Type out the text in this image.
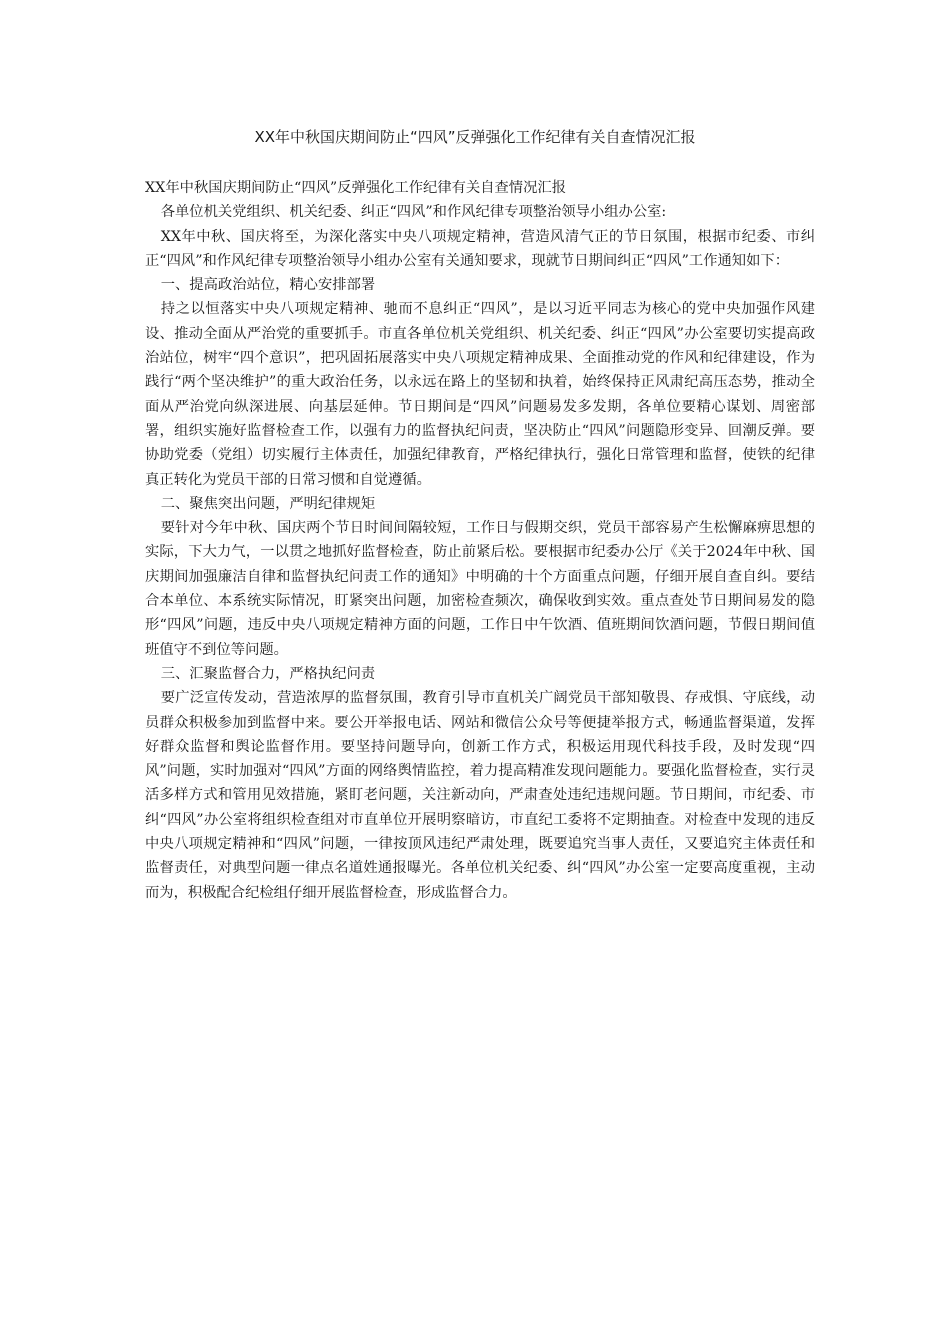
XX年中秋国庆期间防止“四风”反弹强化工作纪律有关自查情况汇报

XX年中秋国庆期间防止“四风”反弹强化工作纪律有关自查情况汇报

各单位机关党组织、机关纪委、纠正“四风”和作风纪律专项整治领导小组办公室:

XX年中秋、国庆将至，为深化落实中央八项规定精神，营造风清气正的节日氛围，根据市纪委、市纠正“四风”和作风纪律专项整治领导小组办公室有关通知要求，现就节日期间纠正“四风”工作通知如下：

一、提高政治站位，精心安排部署

持之以恒落实中央八项规定精神、驰而不息纠正“四风”，是以习近平同志为核心的党中央加强作风建设、推动全面从严治党的重要抓手。市直各单位机关党组织、机关纪委、纠正“四风”办公室要切实提高政治站位，树牢“四个意识”，把巩固拓展落实中央八项规定精神成果、全面推动党的作风和纪律建设，作为践行“两个坚决维护”的重大政治任务，以永远在路上的坚韧和执着，始终保持正风肃纪高压态势，推动全面从严治党向纵深进展、向基层延伸。节日期间是“四风”问题易发多发期，各单位要精心谋划、周密部署，组织实施好监督检查工作，以强有力的监督执纪问责，坚决防止“四风”问题隐形变异、回潮反弹。要协助党委（党组）切实履行主体责任，加强纪律教育，严格纪律执行，强化日常管理和监督，使铁的纪律真正转化为党员干部的日常习惯和自觉遵循。

二、聚焦突出问题，严明纪律规矩

要针对今年中秋、国庆两个节日时间间隔较短，工作日与假期交织，党员干部容易产生松懈麻痹思想的实际，下大力气，一以贯之地抓好监督检查，防止前紧后松。要根据市纪委办公厅《关于2024年中秋、国庆期间加强廉洁自律和监督执纪问责工作的通知》中明确的十个方面重点问题，仔细开展自查自纠。要结合本单位、本系统实际情况，盯紧突出问题，加密检查频次，确保收到实效。重点查处节日期间易发的隐形“四风”问题，违反中央八项规定精神方面的问题，工作日中午饮酒、值班期间饮酒问题，节假日期间值班值守不到位等问题。

三、汇聚监督合力，严格执纪问责

要广泛宣传发动，营造浓厚的监督氛围，教育引导市直机关广阔党员干部知敬畏、存戒惧、守底线，动员群众积极参加到监督中来。要公开举报电话、网站和微信公众号等便捷举报方式，畅通监督渠道，发挥好群众监督和舆论监督作用。要坚持问题导向，创新工作方式，积极运用现代科技手段，及时发现“四风”问题，实时加强对“四风”方面的网络舆情监控，着力提高精准发现问题能力。要强化监督检查，实行灵活多样方式和管用见效措施，紧盯老问题，关注新动向，严肃查处违纪违规问题。节日期间，市纪委、市纠“四风”办公室将组织检查组对市直单位开展明察暗访，市直纪工委将不定期抽查。对检查中发现的违反中央八项规定精神和“四风”问题，一律按顶风违纪严肃处理，既要追究当事人责任，又要追究主体责任和监督责任，对典型问题一律点名道姓通报曝光。各单位机关纪委、纠“四风”办公室一定要高度重视，主动而为，积极配合纪检组仔细开展监督检查，形成监督合力。
